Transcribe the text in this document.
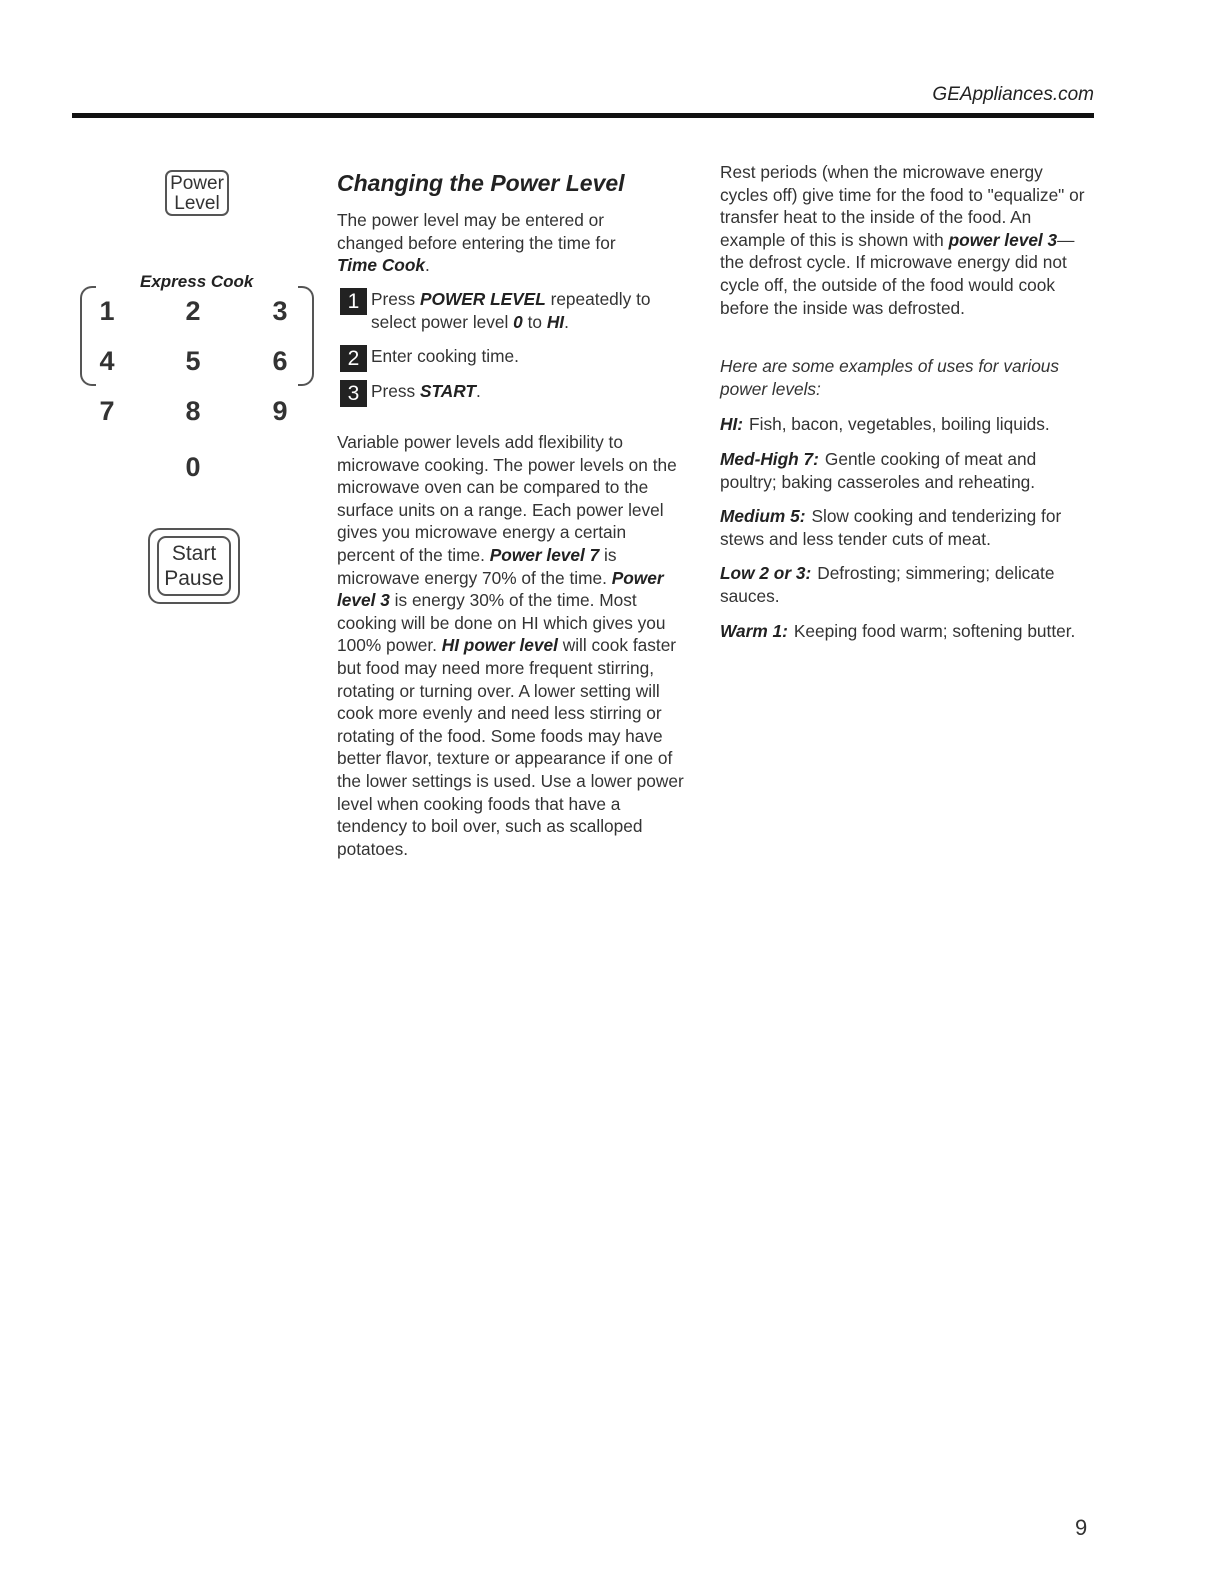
GEAppliances.com
Power
Level
Express Cook
1	2	3
4	5	6
7	8	9
0
Start
Pause
Changing the Power Level
The power level may be entered or changed before entering the time for Time Cook.
1 Press POWER LEVEL repeatedly to select power level 0 to HI.
2 Enter cooking time.
3 Press START.
Variable power levels add flexibility to microwave cooking. The power levels on the microwave oven can be compared to the surface units on a range. Each power level gives you microwave energy a certain percent of the time. Power level 7 is microwave energy 70% of the time. Power level 3 is energy 30% of the time. Most cooking will be done on HI which gives you 100% power. HI power level will cook faster but food may need more frequent stirring, rotating or turning over. A lower setting will cook more evenly and need less stirring or rotating of the food. Some foods may have better flavor, texture or appearance if one of the lower settings is used. Use a lower power level when cooking foods that have a tendency to boil over, such as scalloped potatoes.
Rest periods (when the microwave energy cycles off) give time for the food to "equalize" or transfer heat to the inside of the food. An example of this is shown with power level 3—the defrost cycle. If microwave energy did not cycle off, the outside of the food would cook before the inside was defrosted.
Here are some examples of uses for various power levels:
HI: Fish, bacon, vegetables, boiling liquids.
Med-High 7: Gentle cooking of meat and poultry; baking casseroles and reheating.
Medium 5: Slow cooking and tenderizing for stews and less tender cuts of meat.
Low 2 or 3: Defrosting; simmering; delicate sauces.
Warm 1: Keeping food warm; softening butter.
9
